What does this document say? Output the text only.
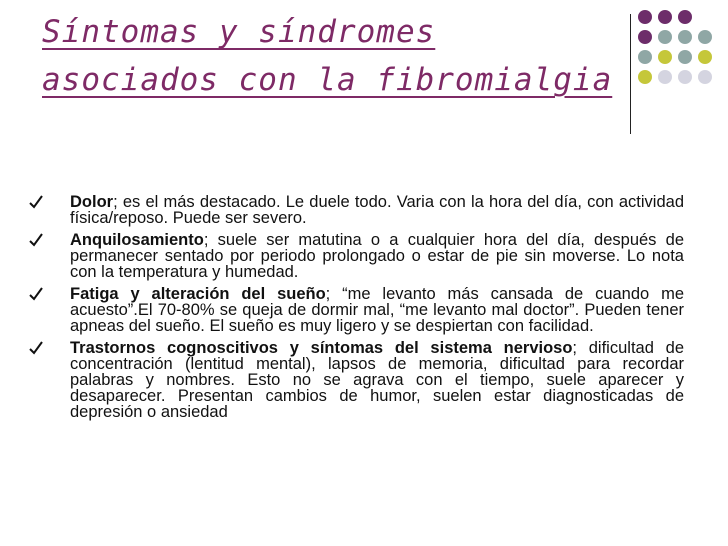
Síntomas y síndromes
asociados con la fibromialgia
Dolor; es el más destacado. Le duele todo. Varia con la hora del día, con actividad física/reposo. Puede ser severo.
Anquilosamiento; suele ser matutina o a cualquier hora del día, después de permanecer sentado por periodo prolongado o estar de pie sin moverse. Lo nota con la temperatura y humedad.
Fatiga y alteración del sueño; “me levanto más cansada de cuando me acuesto”.El 70-80% se queja de dormir mal, “me levanto mal doctor”. Pueden tener apneas del sueño. El sueño es muy ligero y se despiertan con facilidad.
Trastornos cognoscitivos y síntomas del sistema nervioso; dificultad de concentración (lentitud mental), lapsos de memoria, dificultad para recordar palabras y nombres. Esto no se agrava con el tiempo, suele aparecer y desaparecer. Presentan cambios de humor, suelen estar diagnosticadas de depresión o ansiedad
